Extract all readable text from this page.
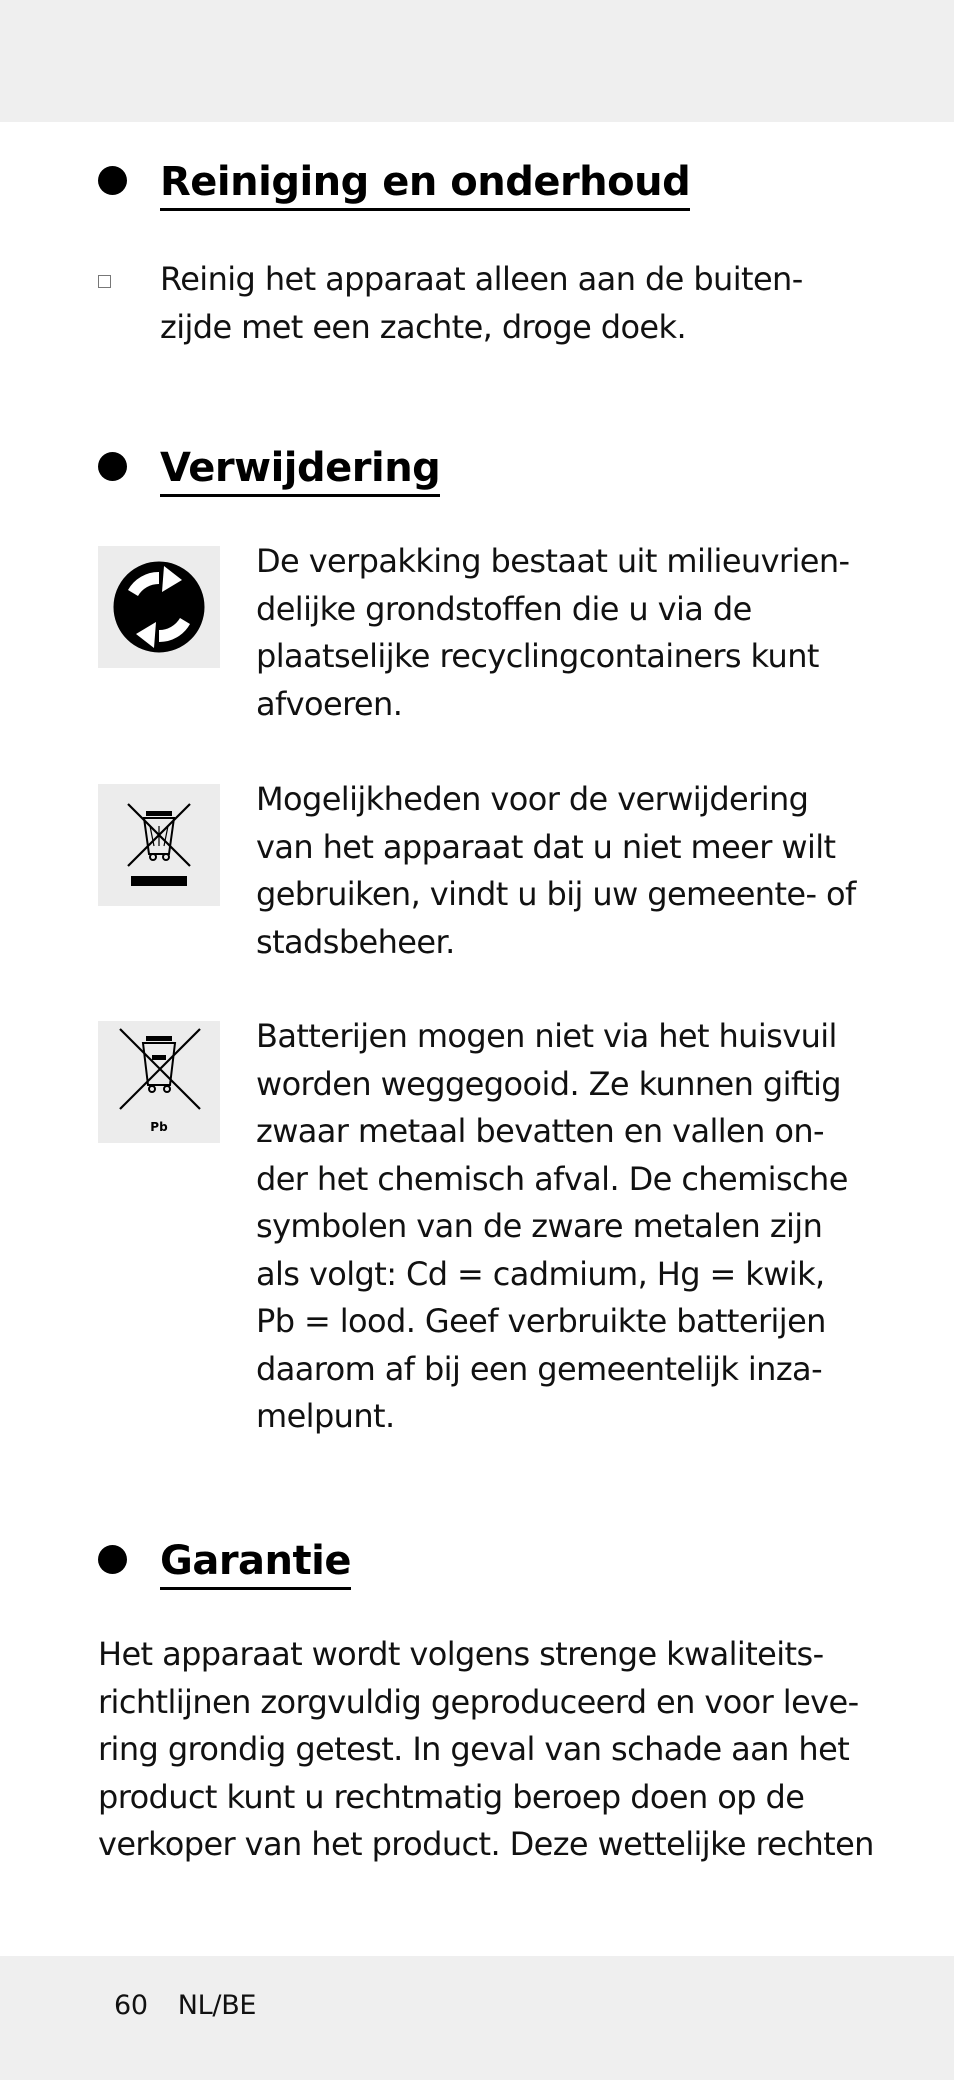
Reiniging en onderhoud
Reinig het apparaat alleen aan de buiten-
zijde met een zachte, droge doek.
Verwijdering
De verpakking bestaat uit milieuvrien-
delijke grondstoffen die u via de
plaatselijke recyclingcontainers kunt
afvoeren.
Mogelijkheden voor de verwijdering
van het apparaat dat u niet meer wilt
gebruiken, vindt u bij uw gemeente- of
stadsbeheer.
Pb
Batterijen mogen niet via het huisvuil
worden weggegooid. Ze kunnen giftig
zwaar metaal bevatten en vallen on-
der het chemisch afval. De chemische
symbolen van de zware metalen zijn
als volgt: Cd = cadmium, Hg = kwik,
Pb = lood. Geef verbruikte batterijen
daarom af bij een gemeentelijk inza-
melpunt.
Garantie
Het apparaat wordt volgens strenge kwaliteits-
richtlijnen zorgvuldig geproduceerd en voor leve-
ring grondig getest. In geval van schade aan het
product kunt u rechtmatig beroep doen op de
verkoper van het product. Deze wettelijke rechten
60 NL/BE
